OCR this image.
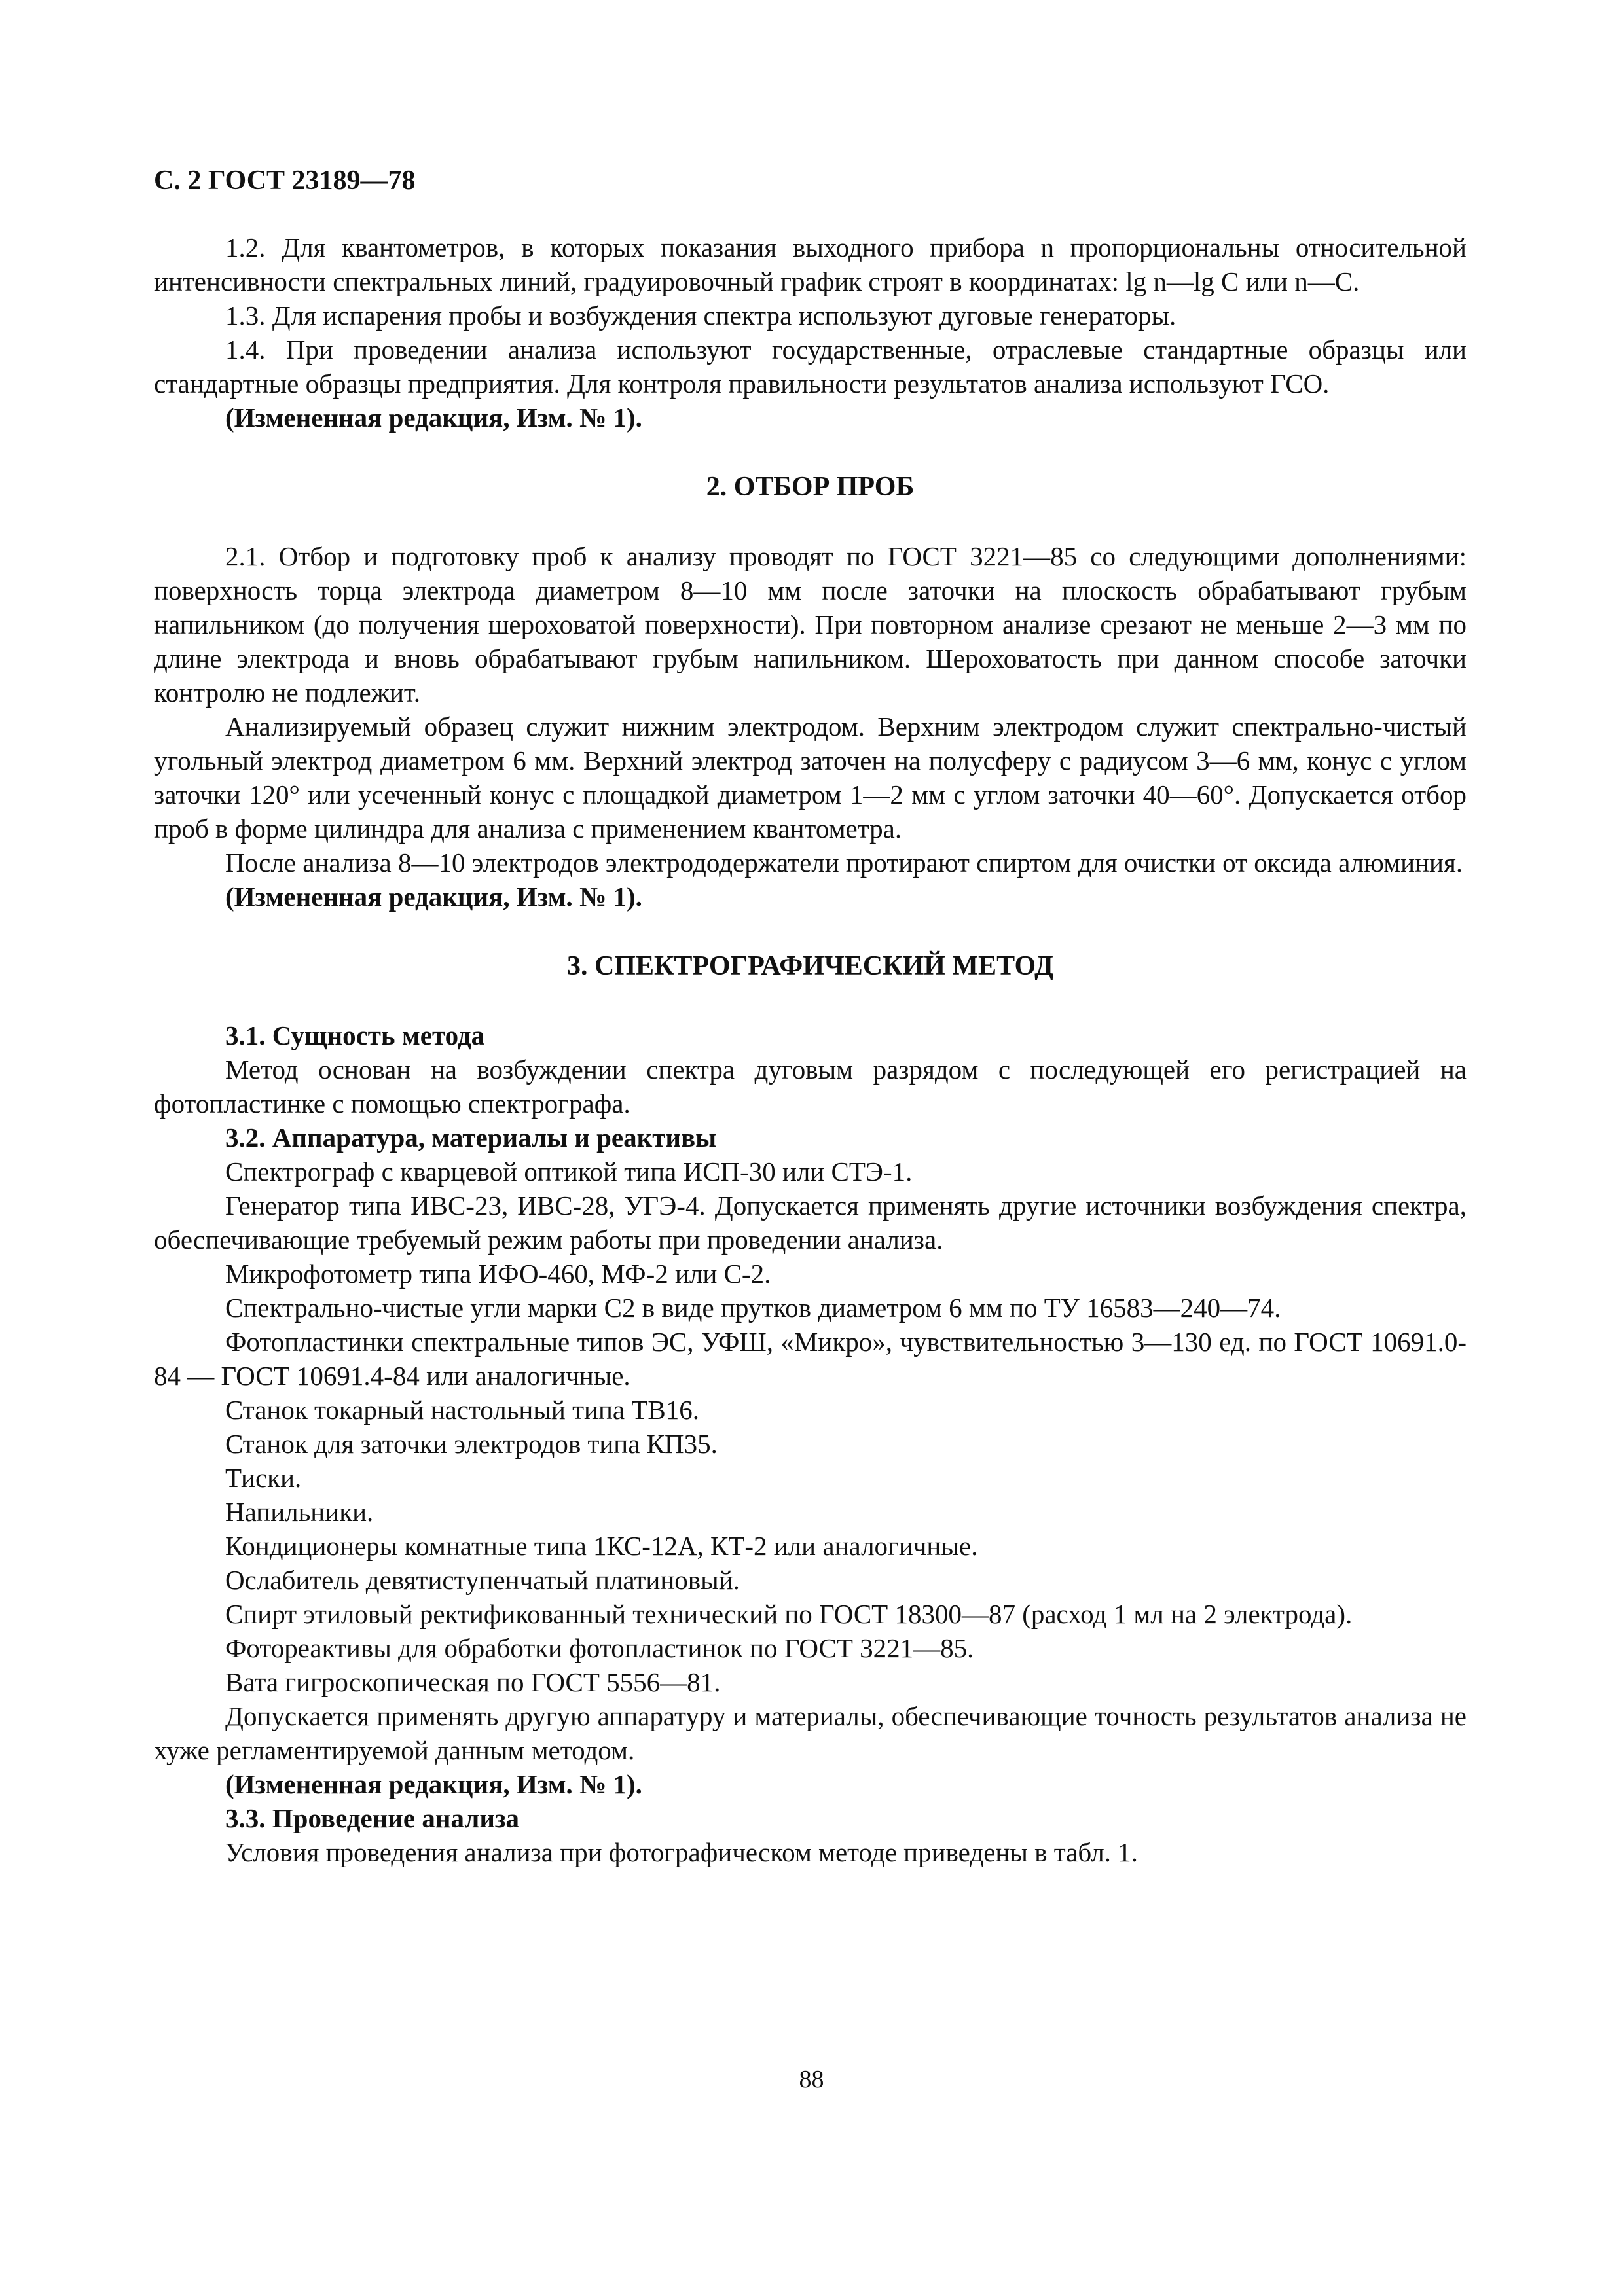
С. 2 ГОСТ 23189—78

1.2. Для квантометров, в которых показания выходного прибора n пропорциональны относительной интенсивности спектральных линий, градуировочный график строят в координатах: lg n—lg C или n—C.

1.3. Для испарения пробы и возбуждения спектра используют дуговые генераторы.

1.4. При проведении анализа используют государственные, отраслевые стандартные образцы или стандартные образцы предприятия. Для контроля правильности результатов анализа используют ГСО.

(Измененная редакция, Изм. № 1).
2. ОТБОР ПРОБ

2.1. Отбор и подготовку проб к анализу проводят по ГОСТ 3221—85 со следующими дополнениями: поверхность торца электрода диаметром 8—10 мм после заточки на плоскость обрабатывают грубым напильником (до получения шероховатой поверхности). При повторном анализе срезают не меньше 2—3 мм по длине электрода и вновь обрабатывают грубым напильником. Шероховатость при данном способе заточки контролю не подлежит.

Анализируемый образец служит нижним электродом. Верхним электродом служит спектрально-чистый угольный электрод диаметром 6 мм. Верхний электрод заточен на полусферу с радиусом 3—6 мм, конус с углом заточки 120° или усеченный конус с площадкой диаметром 1—2 мм с углом заточки 40—60°. Допускается отбор проб в форме цилиндра для анализа с применением квантометра.

После анализа 8—10 электродов электрододержатели протирают спиртом для очистки от оксида алюминия.

(Измененная редакция, Изм. № 1).
3. СПЕКТРОГРАФИЧЕСКИЙ МЕТОД
3.1. Сущность метода

Метод основан на возбуждении спектра дуговым разрядом с последующей его регистрацией на фотопластинке с помощью спектрографа.

3.2. Аппаратура, материалы и реактивы

Спектрограф с кварцевой оптикой типа ИСП-30 или СТЭ-1.

Генератор типа ИВС-23, ИВС-28, УГЭ-4. Допускается применять другие источники возбуждения спектра, обеспечивающие требуемый режим работы при проведении анализа.

Микрофотометр типа ИФО-460, МФ-2 или С-2.

Спектрально-чистые угли марки С2 в виде прутков диаметром 6 мм по ТУ 16583—240—74.

Фотопластинки спектральные типов ЭС, УФШ, «Микро», чувствительностью 3—130 ед. по ГОСТ 10691.0-84 — ГОСТ 10691.4-84 или аналогичные.

Станок токарный настольный типа ТВ16.

Станок для заточки электродов типа КП35.

Тиски.

Напильники.

Кондиционеры комнатные типа 1КС-12А, КТ-2 или аналогичные.

Ослабитель девятиступенчатый платиновый.

Спирт этиловый ректификованный технический по ГОСТ 18300—87 (расход 1 мл на 2 электрода).

Фотореактивы для обработки фотопластинок по ГОСТ 3221—85.

Вата гигроскопическая по ГОСТ 5556—81.

Допускается применять другую аппаратуру и материалы, обеспечивающие точность результатов анализа не хуже регламентируемой данным методом.

(Измененная редакция, Изм. № 1).
3.3. Проведение анализа

Условия проведения анализа при фотографическом методе приведены в табл. 1.

88
